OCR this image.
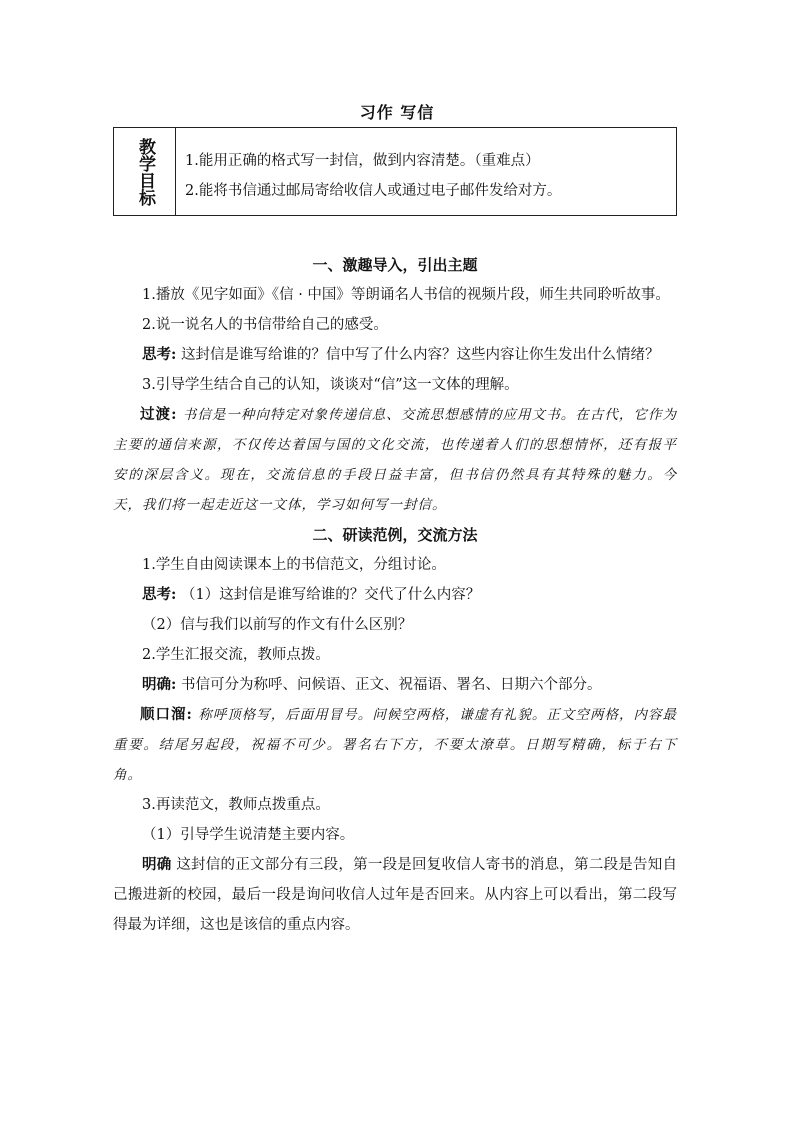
习作 写信
教学目标 1.能用正确的格式写一封信，做到内容清楚。（重难点）
2.能将书信通过邮局寄给收信人或通过电子邮件发给对方。
一、激趣导入，引出主题
1.播放《见字如面》《信 · 中国》等朗诵名人书信的视频片段，师生共同聆听故事。
2.说一说名人的书信带给自己的感受。
思考: 这封信是谁写给谁的？信中写了什么内容？这些内容让你生发出什么情绪？
3.引导学生结合自己的认知，谈谈对“信”这一文体的理解。
过渡: 书信是一种向特定对象传递信息、交流思想感情的应用文书。在古代，它作为主要的通信来源，不仅传达着国与国的文化交流，也传递着人们的思想情怀，还有报平安的深层含义。现在，交流信息的手段日益丰富，但书信仍然具有其特殊的魅力。今天，我们将一起走近这一文体，学习如何写一封信。
二、研读范例，交流方法
1.学生自由阅读课本上的书信范文，分组讨论。
思考: （1）这封信是谁写给谁的？交代了什么内容？
（2）信与我们以前写的作文有什么区别？
2.学生汇报交流，教师点拨。
明确: 书信可分为称呼、问候语、正文、祝福语、署名、日期六个部分。
顺口溜: 称呼顶格写，后面用冒号。问候空两格，谦虚有礼貌。正文空两格，内容最重要。结尾另起段，祝福不可少。署名右下方，不要太潦草。日期写精确，标于右下角。
3.再读范文，教师点拨重点。
（1）引导学生说清楚主要内容。
明确 这封信的正文部分有三段，第一段是回复收信人寄书的消息，第二段是告知自己搬进新的校园，最后一段是询问收信人过年是否回来。从内容上可以看出，第二段写得最为详细，这也是该信的重点内容。
